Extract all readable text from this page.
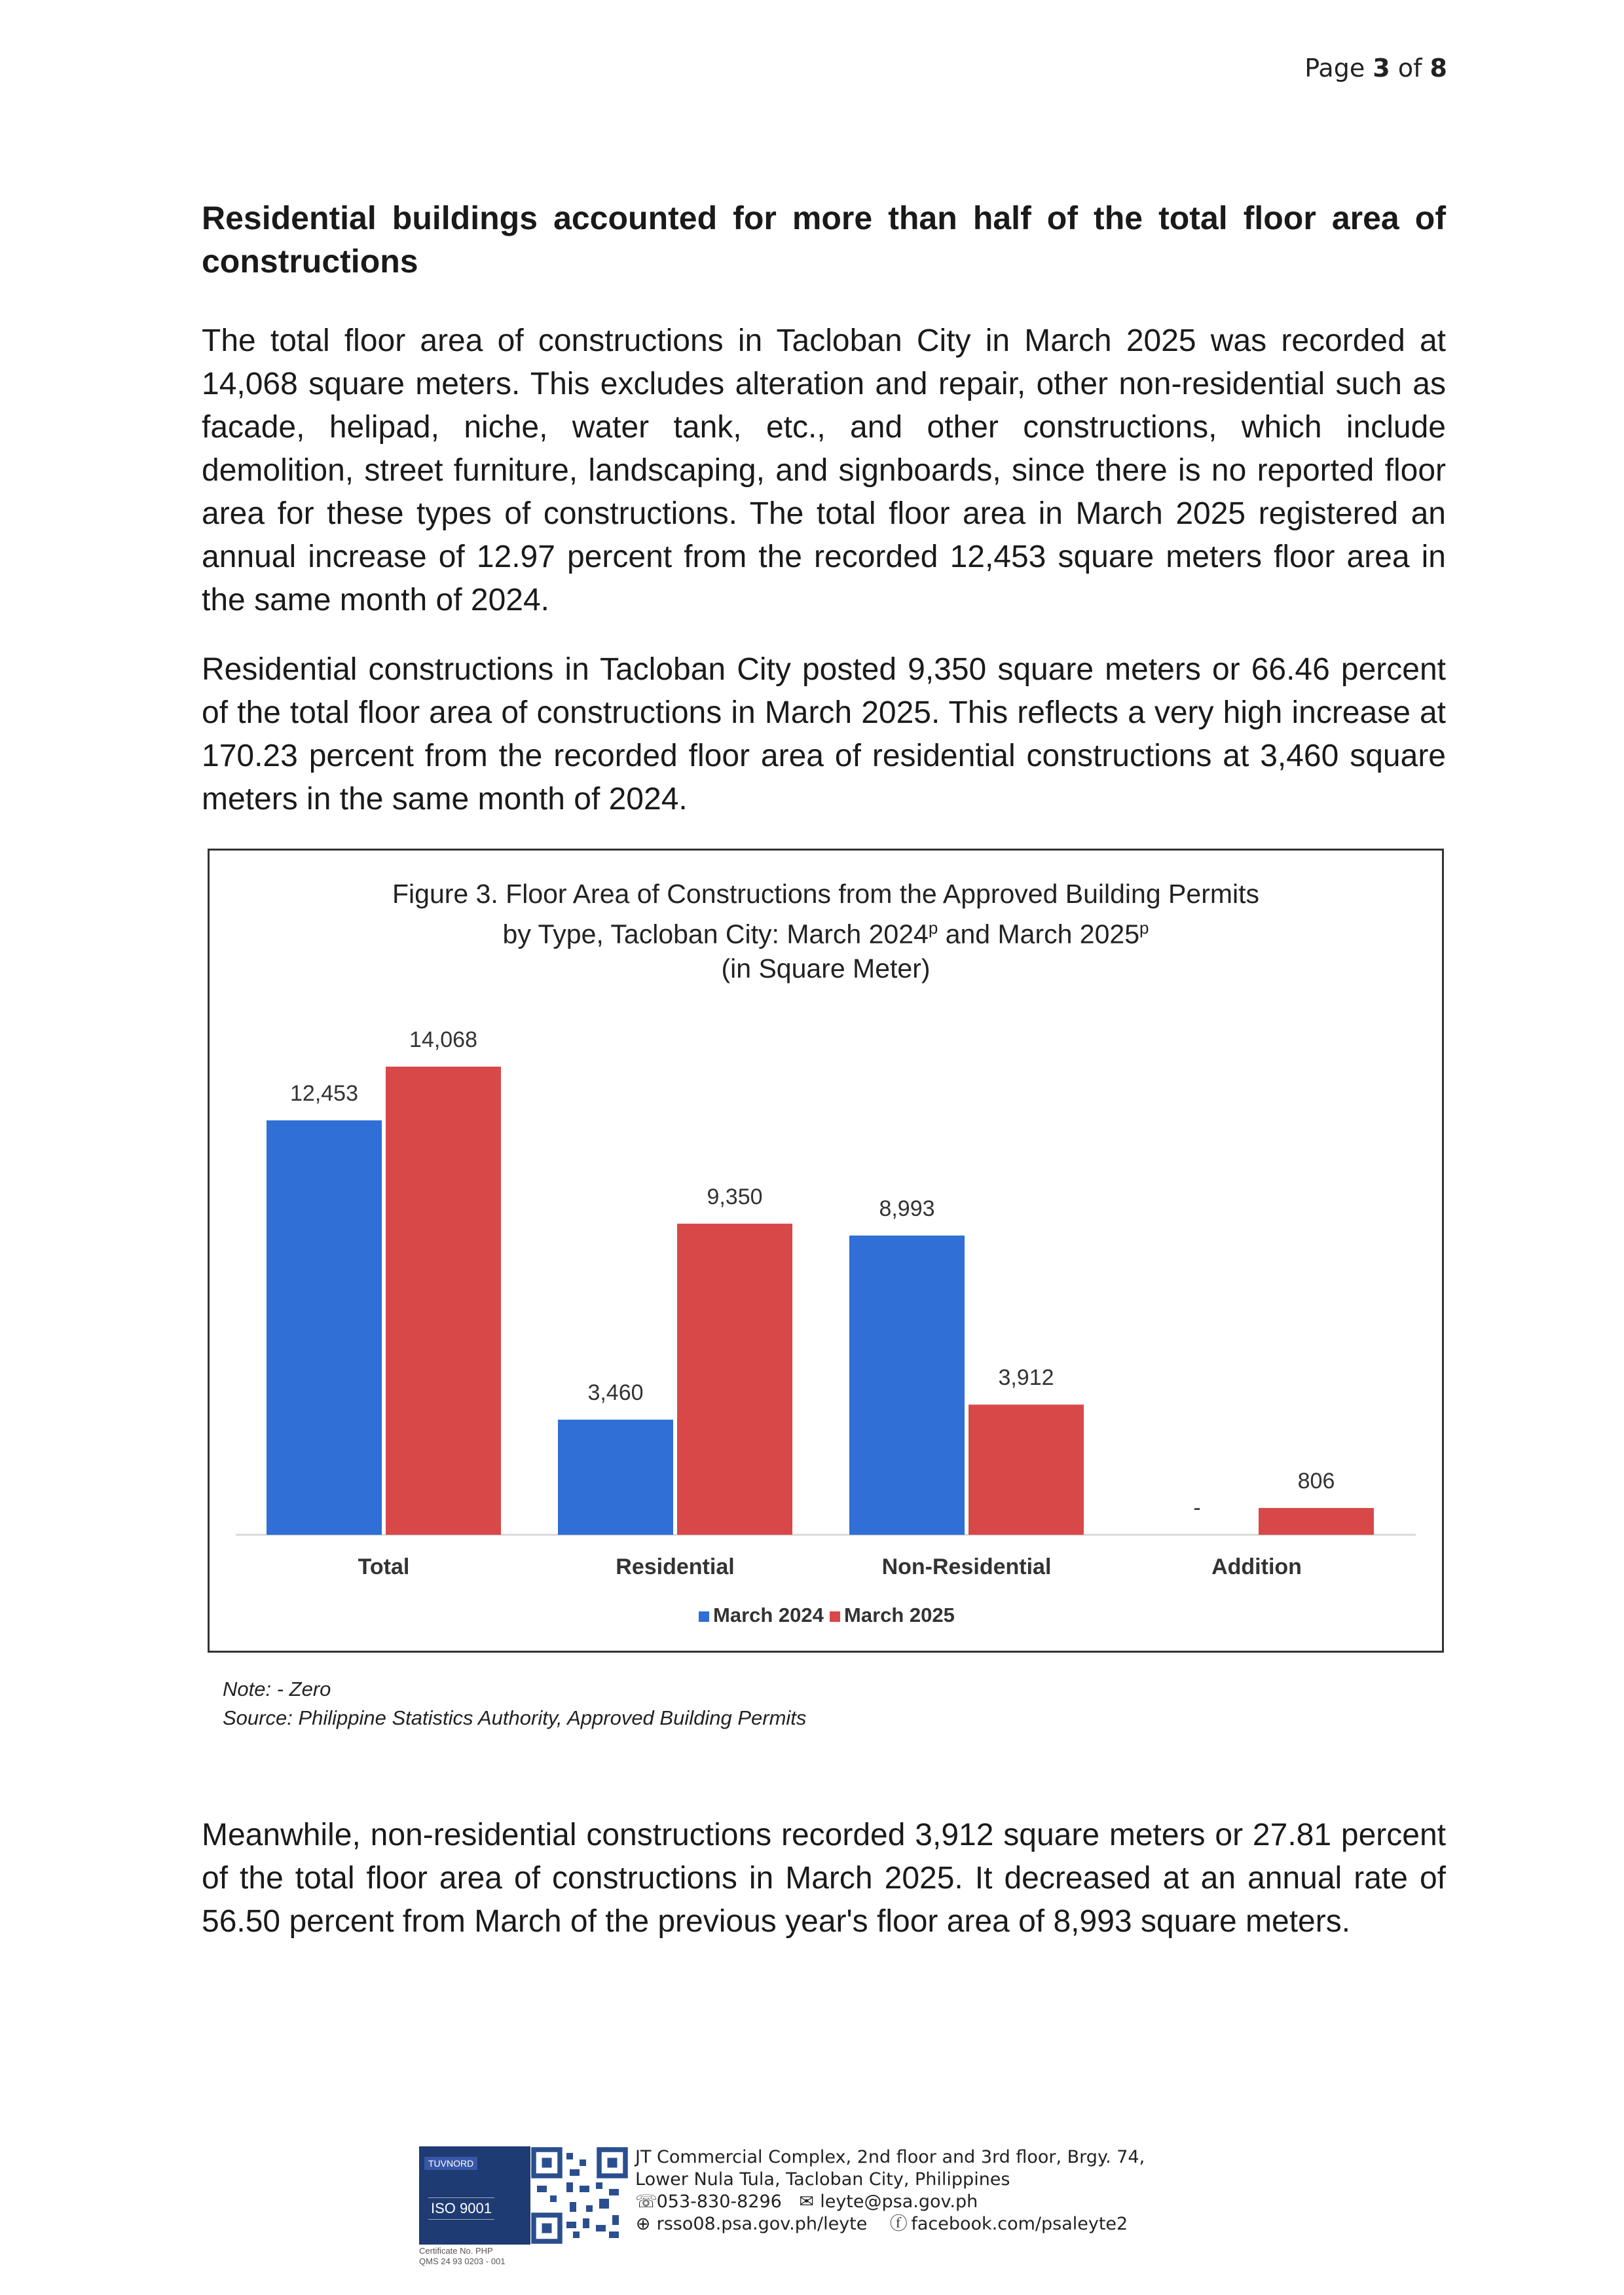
Page 3 of 8

Residential buildings accounted for more than half of the total floor area of constructions

The total floor area of constructions in Tacloban City in March 2025 was recorded at 14,068 square meters. This excludes alteration and repair, other non-residential such as facade, helipad, niche, water tank, etc., and other constructions, which include demolition, street furniture, landscaping, and signboards, since there is no reported floor area for these types of constructions. The total floor area in March 2025 registered an annual increase of 12.97 percent from the recorded 12,453 square meters floor area in the same month of 2024.

Residential constructions in Tacloban City posted 9,350 square meters or 66.46 percent of the total floor area of constructions in March 2025. This reflects a very high increase at 170.23 percent from the recorded floor area of residential constructions at 3,460 square meters in the same month of 2024.

Figure 3. Floor Area of Constructions from the Approved Building Permits

by Type, Tacloban City: March 2024$^p$ and March 2025$^p$

(in Square Meter)

12,453
14,068
Total
3,460
9,350
Residential
8,993
3,912
Non-Residential
-
806
Addition
March 2024 March 2025
Note: - Zero
Source: Philippine Statistics Authority, Approved Building Permits

Meanwhile, non-residential constructions recorded 3,912 square meters or 27.81 percent of the total floor area of constructions in March 2025. It decreased at an annual rate of 56.50 percent from March of the previous year's floor area of 8,993 square meters.

TUVNORD
ISO 9001
Certificate No. PHP
QMS 24 93 0203 - 001
JT Commercial Complex, 2nd floor and 3rd floor, Brgy. 74,
Lower Nula Tula, Tacloban City, Philippines
☏ 053-830-8296 ✉ leyte@psa.gov.ph
⊕ rsso08.psa.gov.ph/leyte ⓕ facebook.com/psaleyte2
